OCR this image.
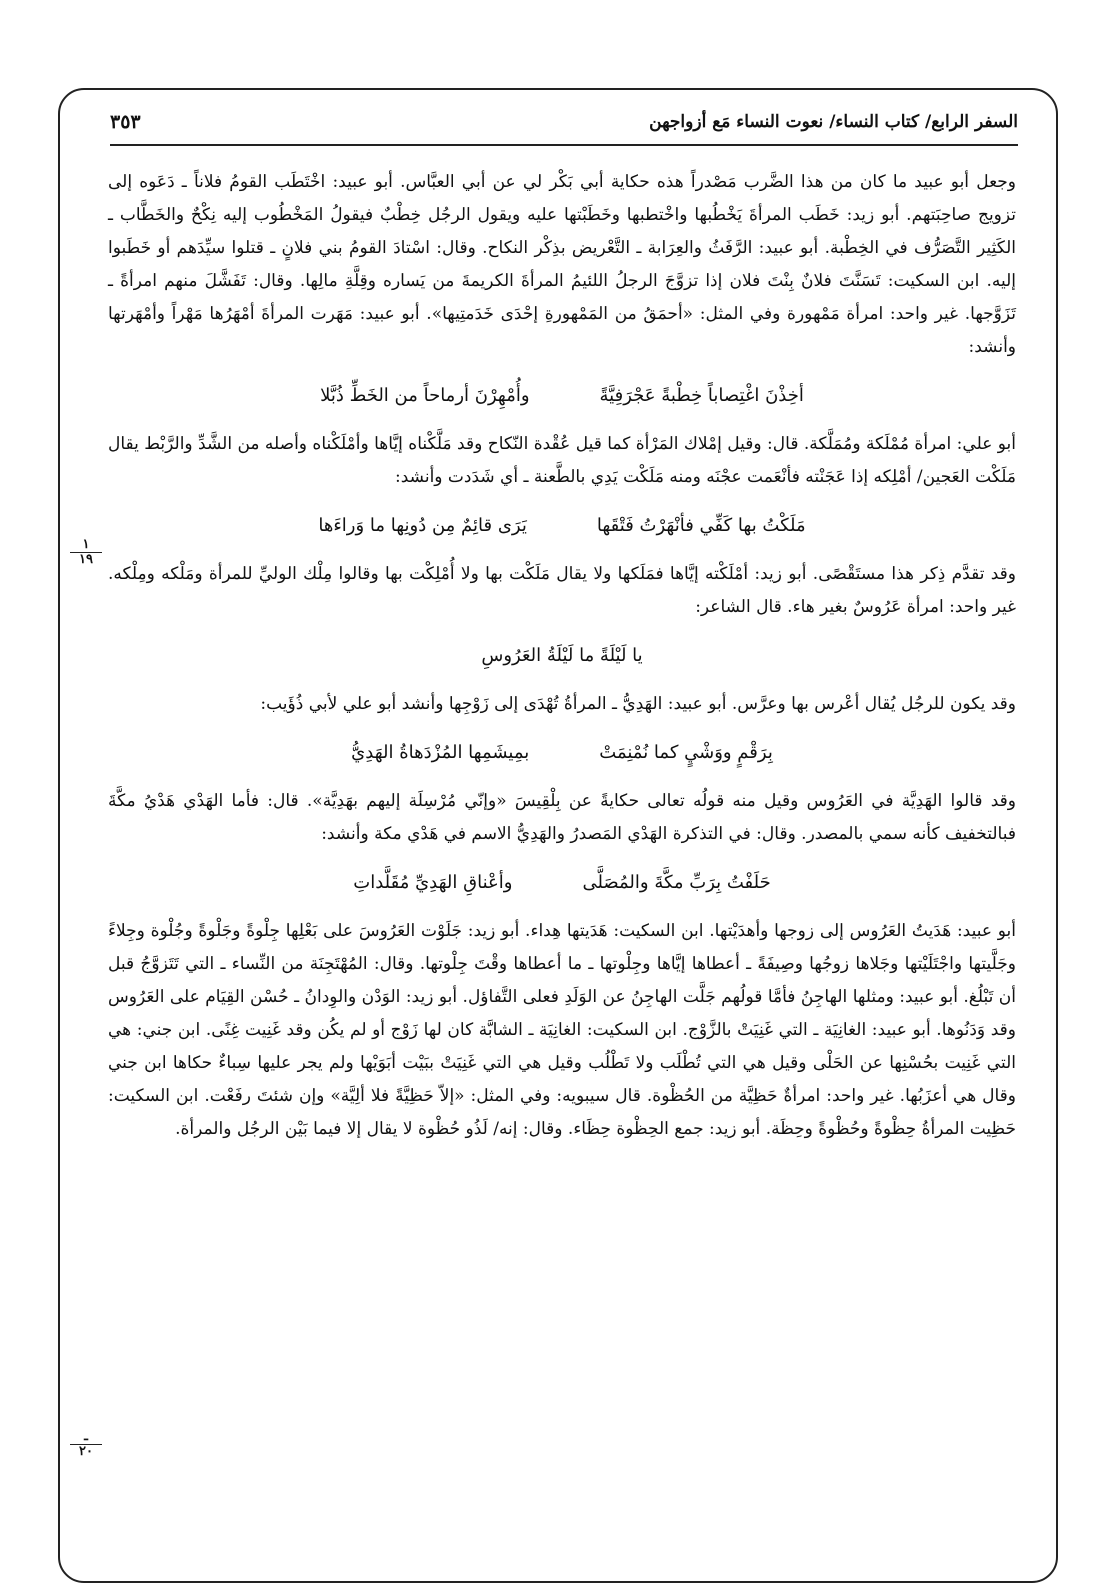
السفر الرابع/ كتاب النساء/ نعوت النساء مَع أزواجهن
٣٥٣
١
١٩
ـ
٢٠

وجعل أبو عبيد ما كان من هذا الضَّرب مَصْدراً هذه حكاية أبي بَكْر لي عن أبي العبَّاس. أبو عبيد: اخْتَطَب القومُ فلاناً ـ دَعَوه إلى تزويج صاحِبَتهم. أبو زيد: خَطَب المرأةَ يَخْطُبها واخْتطبها وخَطَبْتها عليه ويقول الرجُل خِطْبٌ فيقولُ المَخْطُوب إليه نِكْحٌ والخَطَّاب ـ الكَثِير التَّصَرُّف في الخِطْبة. أبو عبيد: الرَّفَثُ والعِرَابة ـ التَّعْريض بذِكْر النكاح. وقال: اسْتادَ القومُ بني فلانٍ ـ قتلوا سيِّدَهم أو خَطَبوا إليه. ابن السكيت: تَسَنَّتَ فلانٌ بِنْتَ فلان إذا تزوَّجَ الرجلُ اللئيمُ المرأةَ الكريمةَ من يَساره وقِلَّةِ مالِها. وقال: تَفَشَّلَ منهم امرأةً ـ تَزَوَّجها. غير واحد: امرأة مَمْهورة وفي المثل: «أحمَقُ من المَمْهورةِ إحْدَى خَدَمتِيها». أبو عبيد: مَهَرت المرأةَ أمْهَرُها مَهْراً وأمْهَرتها وأنشد:

أخِذْنَ اغْتِصاباً خِطْبةً عَجْرَفِيَّةً
وأُمْهِرْنَ أرماحاً من الخَطِّ ذُبَّلا

أبو علي: امرأة مُمْلَكة ومُمَلَّكة. قال: وقيل إمْلاك المَرْأة كما قيل عُقْدة النّكاح وقد مَلَّكْناه إيَّاها وأمْلَكْناه وأصله من الشَّدِّ والرَّبْط يقال مَلَكْت العَجين/ أمْلِكه إذا عَجَنْته فأنْعَمت عجْنَه ومنه مَلَكْت يَدِي بالطَّعنة ـ أي شَدَدت وأنشد:

مَلَكْتُ بها كَفِّي فأنْهَرْتُ فَتْقَها
يَرَى قائِمٌ مِن دُونِها ما وَراءَها

وقد تقدَّم ذِكر هذا مستَقْصًى. أبو زيد: أمْلَكْته إيَّاها فمَلَكها ولا يقال مَلَكْت بها ولا أُمْلِكْت بها وقالوا مِلْك الوليِّ للمرأة ومَلْكه ومِلْكه. غير واحد: امرأة عَرُوسٌ بغير هاء. قال الشاعر:

يا لَيْلَةً ما لَيْلَةُ العَرُوسِ

وقد يكون للرجُل يُقال أعْرس بها وعرَّس. أبو عبيد: الهَدِيُّ ـ المرأةُ تُهْدَى إلى زَوْجِها وأنشد أبو علي لأبي ذُؤَيب:

بِرَقْمٍ ووَشْيٍ كما نُمْنِمَتْ
بمِيشَمِها المُزْدَهاةُ الهَدِيُّ

وقد قالوا الهَدِيَّة في العَرُوس وقيل منه قولُه تعالى حكايةً عن بِلْقِيسَ «وإنّي مُرْسِلَة إليهم بهَدِيَّة». قال: فأما الهَدْي هَدْيُ مكَّةَ فبالتخفيف كأنه سمي بالمصدر. وقال: في التذكرة الهَدْي المَصدرُ والهَدِيُّ الاسم في هَدْي مكة وأنشد:

حَلَفْتُ بِرَبِّ مكَّةَ والمُصَلَّى
وأعْناقِ الهَدِيِّ مُقَلَّداتِ

أبو عبيد: هَدَيتُ العَرُوس إلى زوجها وأهدَيْتها. ابن السكيت: هَدَيتها هِداء. أبو زيد: جَلَوْت العَرُوسَ على بَعْلِها جِلْوةً وجَلْوةً وجُلْوة وجِلاءً وجَلَّيتها واجْتَلَيْتها وجَلاها زوجُها وصِيفَةً ـ أعطاها إيَّاها وجِلْوتها ـ ما أعطاها وقْتَ جِلْوتها. وقال: المُهْتَجِنَة من النِّساء ـ التي تَتَزوَّجُ قبل أن تَبْلُغ. أبو عبيد: ومثلها الهاجِنُ فأمَّا قولُهم جَلَّت الهاجِنُ عن الوَلَدِ فعلى التَّفاؤل. أبو زيد: الوَدْن والوِدانُ ـ حُسْن القِيَام على العَرُوس وقد وَدَنُوها. أبو عبيد: الغانِيَة ـ التي غَنِيَتْ بالزَّوْج. ابن السكيت: الغانِيَة ـ الشابَّة كان لها زَوْج أو لم يكُن وقد غَنِيت غِنًى. ابن جني: هي التي غَنِيت بحُسْنِها عن الحَلْى وقيل هي التي تُطْلَب ولا تَطْلُب وقيل هي التي غَنِيَتْ ببَيْت أبَوَيْها ولم يجر عليها سِباءٌ حكاها ابن جني وقال هي أعزَبُها. غير واحد: امرأةٌ حَظِيَّة من الحُظْوة. قال سيبويه: وفي المثل: «إلاّ حَظِيَّةً فلا ألِيَّة» وإن شئتَ رفَعْت. ابن السكيت: حَظِيت المرأةُ حِظْوةً وحُظْوةً وحِظَة. أبو زيد: جمع الحِظْوة حِظَاء. وقال: إنه/ لَذُو حُظْوة لا يقال إلا فيما بَيْن الرجُل والمرأة.
